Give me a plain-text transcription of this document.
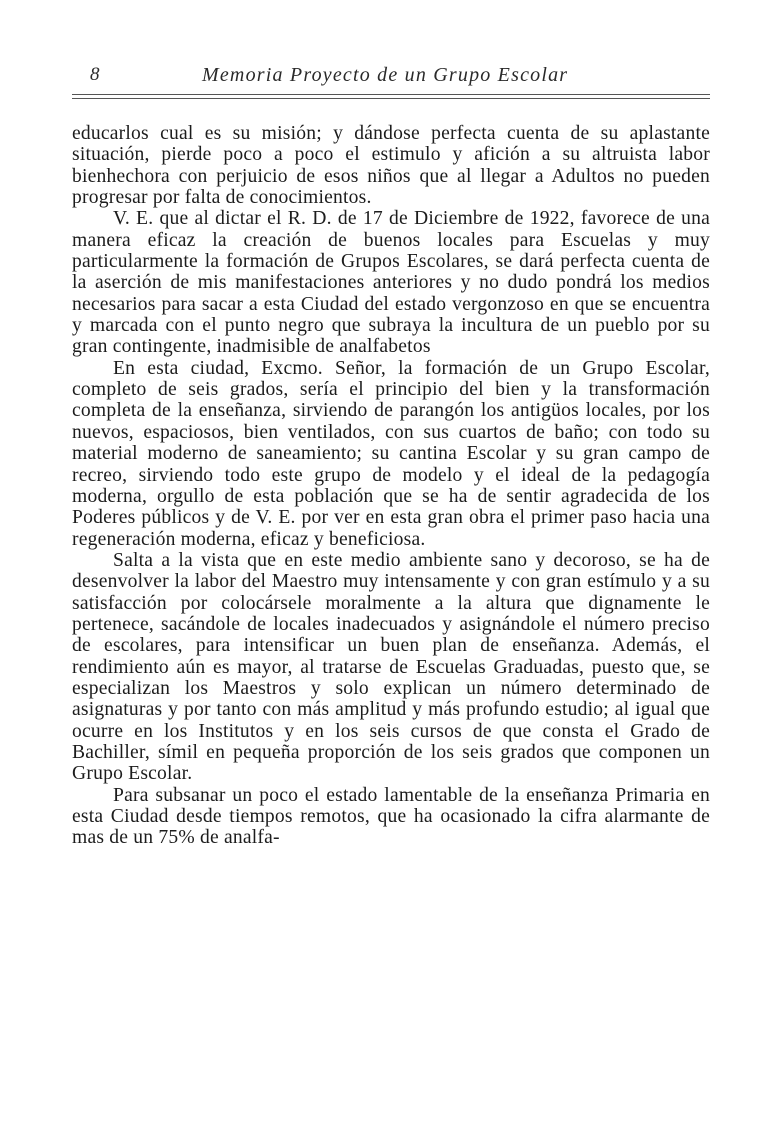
8	Memoria Proyecto de un Grupo Escolar

educarlos cual es su misión; y dándose perfecta cuenta de su aplastante situación, pierde poco a poco el estimulo y afición a su altruista labor bienhechora con perjuicio de esos niños que al llegar a Adultos no pueden progresar por falta de conocimientos.

V. E. que al dictar el R. D. de 17 de Diciembre de 1922, favorece de una manera eficaz la creación de buenos locales para Escuelas y muy particularmente la formación de Grupos Escolares, se dará perfecta cuenta de la aserción de mis manifestaciones anteriores y no dudo pondrá los medios necesarios para sacar a esta Ciudad del estado vergonzoso en que se encuentra y marcada con el punto negro que subraya la incultura de un pueblo por su gran contingente, inadmisible de analfabetos

En esta ciudad, Excmo. Señor, la formación de un Grupo Escolar, completo de seis grados, sería el principio del bien y la transformación completa de la enseñanza, sirviendo de parangón los antigüos locales, por los nuevos, espaciosos, bien ventilados, con sus cuartos de baño; con todo su material moderno de saneamiento; su cantina Escolar y su gran campo de recreo, sirviendo todo este grupo de modelo y el ideal de la pedagogía moderna, orgullo de esta población que se ha de sentir agradecida de los Poderes públicos y de V. E. por ver en esta gran obra el primer paso hacia una regeneración moderna, eficaz y beneficiosa.

Salta a la vista que en este medio ambiente sano y decoroso, se ha de desenvolver la labor del Maestro muy intensamente y con gran estímulo y a su satisfacción por colocársele moralmente a la altura que dignamente le pertenece, sacándole de locales inadecuados y asignándole el número preciso de escolares, para intensificar un buen plan de enseñanza. Además, el rendimiento aún es mayor, al tratarse de Escuelas Graduadas, puesto que, se especializan los Maestros y solo explican un número determinado de asignaturas y por tanto con más amplitud y más profundo estudio; al igual que ocurre en los Institutos y en los seis cursos de que consta el Grado de Bachiller, símil en pequeña proporción de los seis grados que componen un Grupo Escolar.

Para subsanar un poco el estado lamentable de la enseñanza Primaria en esta Ciudad desde tiempos remotos, que ha ocasionado la cifra alarmante de mas de un 75% de analfa-
